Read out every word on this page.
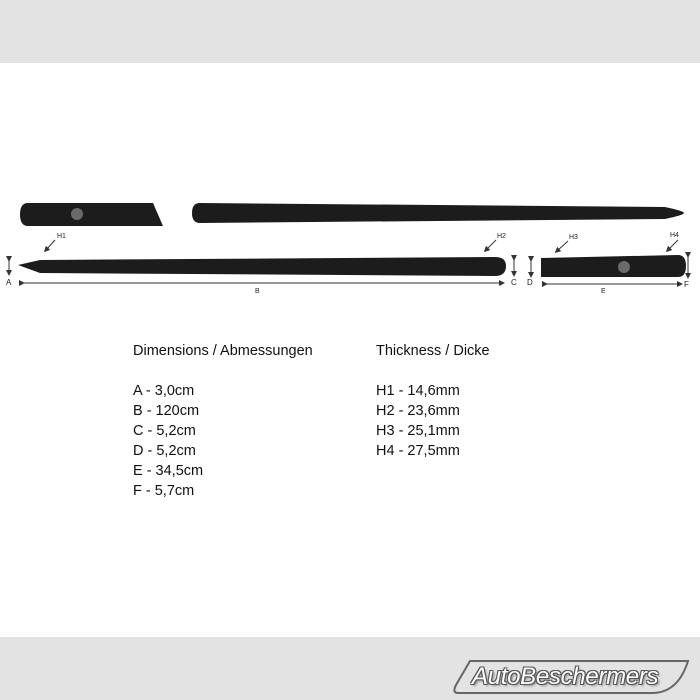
A
B
C D
E
F
H1	H2	H3	H4
Dimensions / Abmessungen
A - 3,0cm
B - 120cm
C - 5,2cm
D - 5,2cm
E - 34,5cm
F - 5,7cm
Thickness / Dicke
H1 - 14,6mm
H2 - 23,6mm
H3 - 25,1mm
H4 - 27,5mm
AutoBeschermers
